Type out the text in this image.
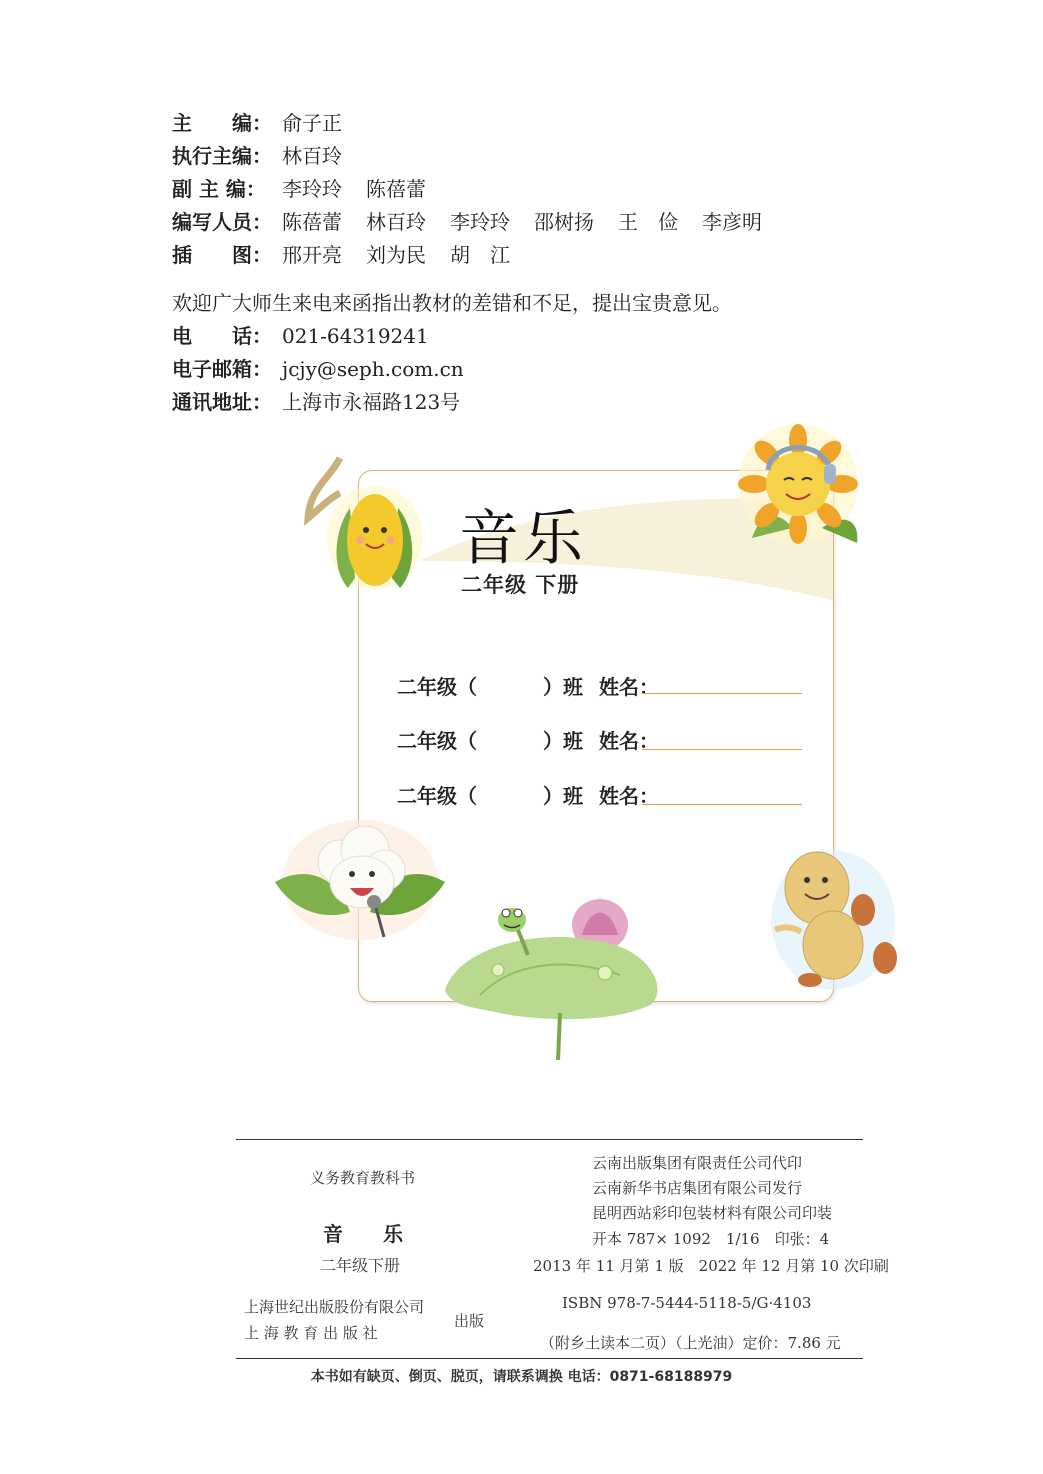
主　　编： 俞子正
执行主编： 林百玲
副 主 编： 李玲玲 陈蓓蕾
编写人员： 陈蓓蕾 林百玲 李玲玲 邵树扬 王　俭 李彦明
插　　图： 邢开亮 刘为民 胡　江
欢迎广大师生来电来函指出教材的差错和不足，提出宝贵意见。
电　　话： 021-64319241
电子邮箱： jcjy@seph.com.cn
通讯地址： 上海市永福路123号
音乐
二年级 下册
二年级（	）班 姓名：
二年级（	）班 姓名：
二年级（	）班 姓名：
义务教育教科书
音乐
二年级下册
上海世纪出版股份有限公司
上 海 教 育 出 版 社
出版
云南出版集团有限责任公司代印
云南新华书店集团有限公司发行
昆明西站彩印包装材料有限公司印装
开本 787× 1092　1/16　印张：4
2013 年 11 月第 1 版　2022 年 12 月第 10 次印刷
ISBN 978-7-5444-5118-5/G·4103
（附乡土读本二页）（上光油）定价：7.86 元
本书如有缺页、倒页、脱页，请联系调换 电话：0871-68188979
